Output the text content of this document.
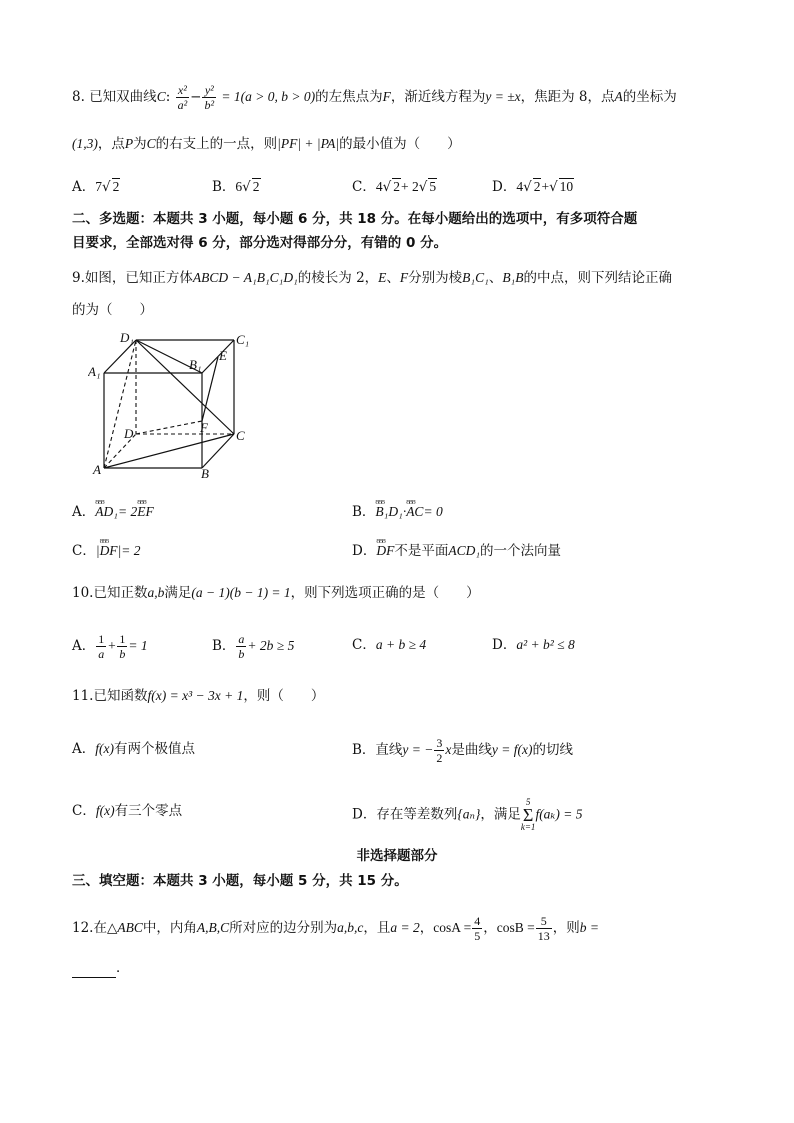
8. 已知双曲线C: $\frac{\text{x²}}{\text{a²}} - \frac{\text{y²}}{\text{b²}} = 1(a > 0$, b > 0)的左焦点为F，渐近线方程为y = ±x，焦距为 8，点A的坐标为
(1,3)，点P为C的右支上的一点，则|PF| + |PA|的最小值为（　　）
A．7√ 2	B．6√ 2	C．4√ 2+ 2√ 5	D．4√ 2+√ 10
二、多选题：本题共 3 小题，每小题 6 分，共 18 分。在每小题给出的选项中，有多项符合题
目要求，全部选对得 6 分，部分选对得部分分，有错的 0 分。
9.如图，已知正方体ABCD − A₁B₁C₁D₁的棱长为 2，E、F分别为棱B₁C₁、B₁B的中点，则下列结论正确
的为（　　）
D₁	C₁
A₁	B₁
E
F
D	C
A	B
A．ʊʊʊ AD₁= 2ʊʊʊ EF	B．ʊʊʊ B₁D₁·ʊʊʊ AC= 0
C．|ʊʊʊ DF|= 2	D．ʊʊʊ DF不是平面ACD₁的一个法向量
10.已知正数a,b满足(a − 1)(b − 1) = 1，则下列选项正确的是（　　）
A． $\frac{1}{a} + \frac{1}{b} = 1$	B． $\frac{a}{b} + 2b \ge 5$	C．a + b ≥ 4	D．a² + b² ≤ 8
11.已知函数f(x) = x³ − 3x + 1，则（　　）
A．f(x)有两个极值点	B．直线y = − $\frac{3}{2}$ x是曲线y = f(x)的切线
C．f(x)有三个零点	D．存在等差数列{aₙ}，满足5
Σ
k=1f(aₖ) = 5
非选择题部分
三、填空题：本题共 3 小题，每小题 5 分，共 15 分。
12.在△ABC中，内角A,B,C所对应的边分别为a,b,c，且a = 2，$\cos A = \frac{4}{5}$ ，$\cos B = \frac{5}{13}$ ，则b =
．
